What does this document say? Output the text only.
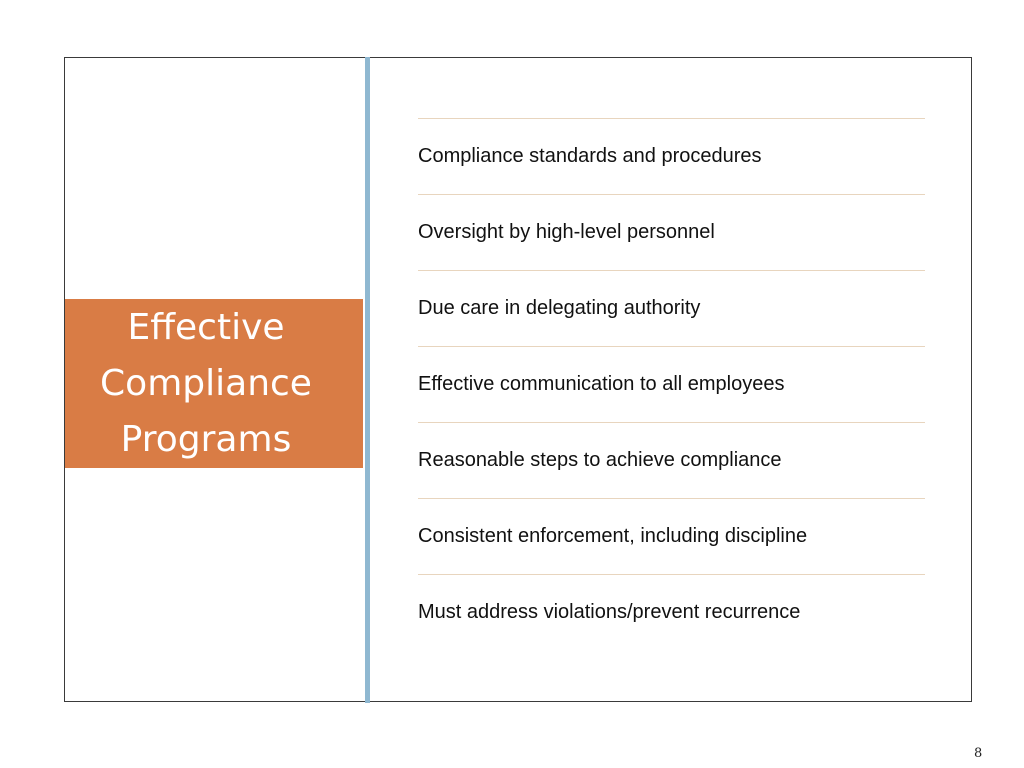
Effective
Compliance
Programs
Compliance standards and procedures
Oversight by high-level personnel
Due care in delegating authority
Effective communication to all employees
Reasonable steps to achieve compliance
Consistent enforcement, including discipline
Must address violations/prevent recurrence
8
